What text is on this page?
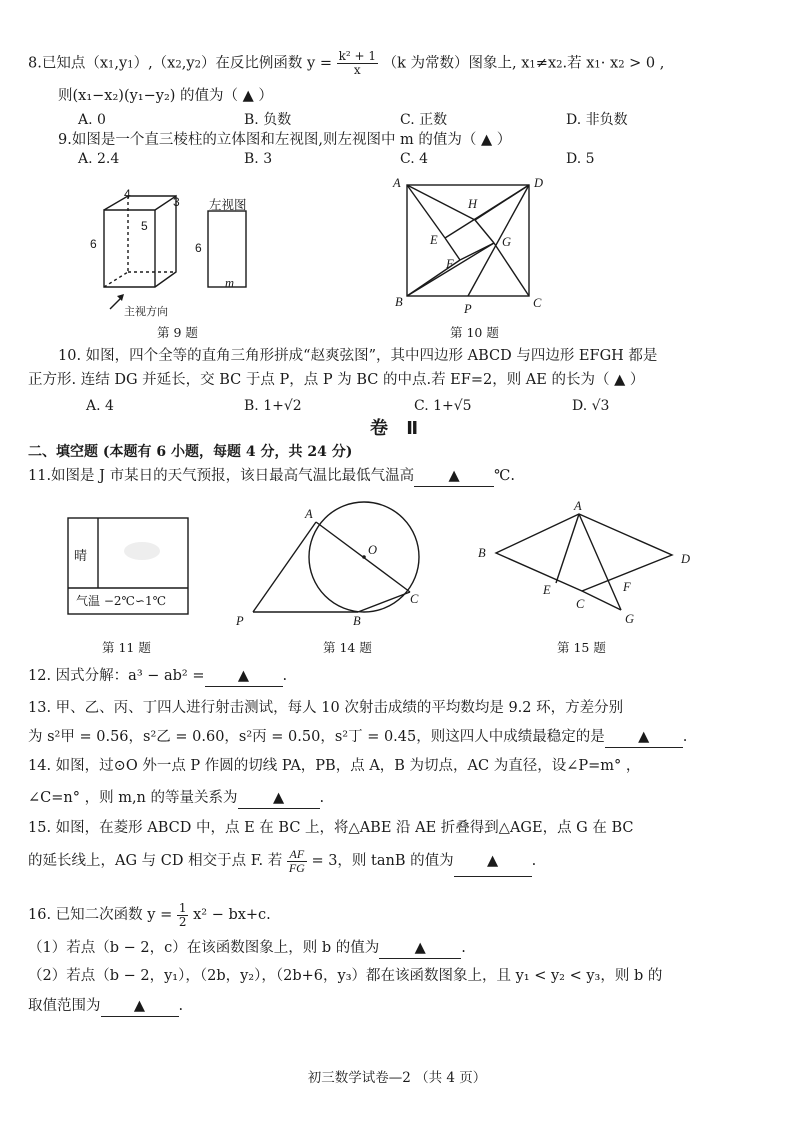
8.已知点（x1,y1）,（x2,y2）在反比例函数 $y = \frac{\text{k² + 1}}{x} (k$ 为常数）图象上, x1≠x2.若 x1· x2 > 0 ,
则(x₁−x₂)(y₁−y₂) 的值为（ ▲ ）
A. 0	B. 负数	C. 正数	D. 非负数
9.如图是一个直三棱柱的立体图和左视图,则左视图中 m 的值为（ ▲ ）
A. 2.4	B. 3	C. 4	D. 5
4
3
5
6
左视图
6
m
主视方向
第 9 题
A	D
B	C
H
E	G
F
P
第 10 题
10. 如图，四个全等的直角三角形拼成“赵爽弦图”，其中四边形 ABCD 与四边形 EFGH 都是
正方形. 连结 DG 并延长，交 BC 于点 P，点 P 为 BC 的中点.若 EF=2，则 AE 的长为（ ▲ ）
A. 4	B. 1+√2	C. 1+√5	D. √3
卷 Ⅱ
二、填空题 (本题有 6 小题，每题 4 分，共 24 分)
11.如图是 J 市某日的天气预报，该日最高气温比最低气温高 ▲ ℃.
晴
气温 −2℃∽1℃
第 11 题
A
O
C
B
P
第 14 题
A
B	D
E	F
C
G
第 15 题
12. 因式分解：a³ − ab² = ▲ .
13. 甲、乙、丙、丁四人进行射击测试，每人 10 次射击成绩的平均数均是 9.2 环，方差分别
为 s²甲 = 0.56，s²乙 = 0.60，s²丙 = 0.50，s²丁 = 0.45，则这四人中成绩最稳定的是 ▲ .
14. 如图，过⊙O 外一点 P 作圆的切线 PA，PB，点 A，B 为切点，AC 为直径，设∠P=m° ，
∠C=n° ，则 m,n 的等量关系为 ▲ .
15. 如图，在菱形 ABCD 中，点 E 在 BC 上，将△ABE 沿 AE 折叠得到△AGE，点 G 在 BC
的延长线上，AG 与 CD 相交于点 F. 若 $\frac{AF}{FG} = 3$，则 tanB 的值为 ▲ .
16. 已知二次函数 $y = \frac{1}{2} x^2 - bx+c$.
（1）若点（b − 2，c）在该函数图象上，则 b 的值为 ▲ .
（2）若点（b − 2，y₁），（2b，y₂），（2b+6，y₃）都在该函数图象上，且 y₁ < y₂ < y₃，则 b 的
取值范围为 ▲ .
初三数学试卷—2 （共 4 页）
